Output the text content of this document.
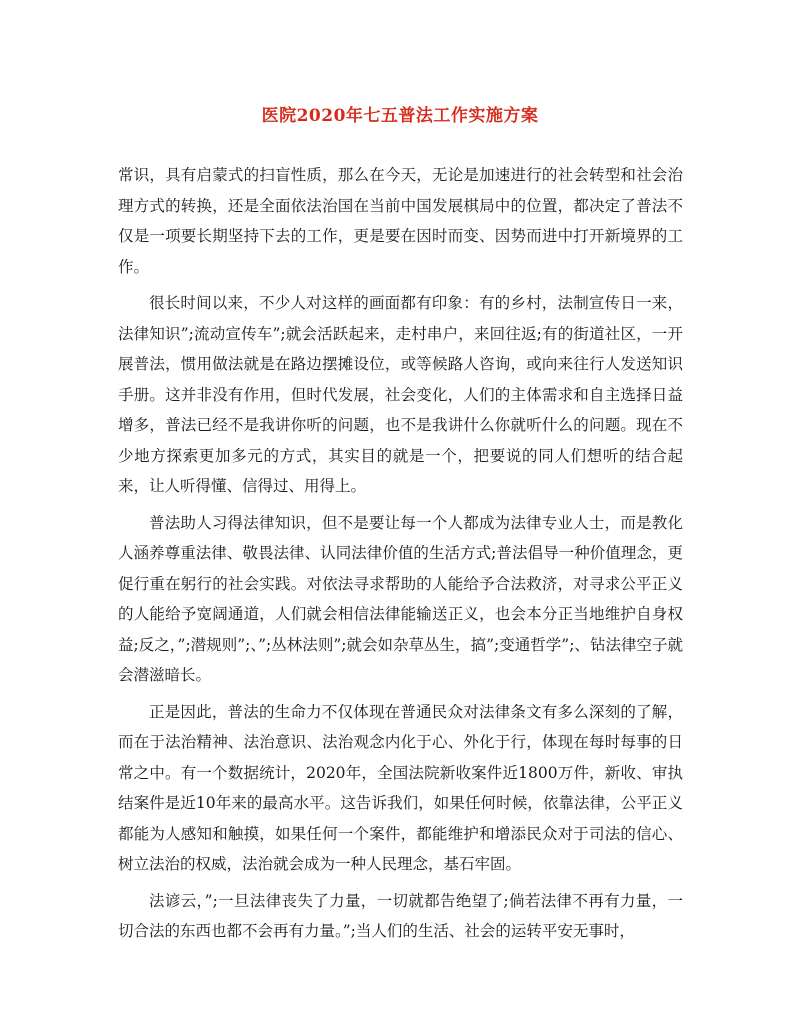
医院2020年七五普法工作实施方案

常识，具有启蒙式的扫盲性质，那么在今天，无论是加速进行的社会转型和社会治理方式的转换，还是全面依法治国在当前中国发展棋局中的位置，都决定了普法不仅是一项要长期坚持下去的工作，更是要在因时而变、因势而进中打开新境界的工作。

很长时间以来，不少人对这样的画面都有印象：有的乡村，法制宣传日一来，法律知识”;流动宣传车”;就会活跃起来，走村串户，来回往返;有的街道社区，一开展普法，惯用做法就是在路边摆摊设位，或等候路人咨询，或向来往行人发送知识手册。这并非没有作用，但时代发展，社会变化，人们的主体需求和自主选择日益增多，普法已经不是我讲你听的问题，也不是我讲什么你就听什么的问题。现在不少地方探索更加多元的方式，其实目的就是一个，把要说的同人们想听的结合起来，让人听得懂、信得过、用得上。

普法助人习得法律知识，但不是要让每一个人都成为法律专业人士，而是教化人涵养尊重法律、敬畏法律、认同法律价值的生活方式;普法倡导一种价值理念，更促行重在躬行的社会实践。对依法寻求帮助的人能给予合法救济，对寻求公平正义的人能给予宽阔通道，人们就会相信法律能输送正义，也会本分正当地维护自身权益;反之，”;潜规则”;、”;丛林法则”;就会如杂草丛生，搞”;变通哲学”;、钻法律空子就会潜滋暗长。

正是因此，普法的生命力不仅体现在普通民众对法律条文有多么深刻的了解，而在于法治精神、法治意识、法治观念内化于心、外化于行，体现在每时每事的日常之中。有一个数据统计，2020年，全国法院新收案件近1800万件，新收、审执结案件是近10年来的最高水平。这告诉我们，如果任何时候，依靠法律，公平正义都能为人感知和触摸，如果任何一个案件，都能维护和增添民众对于司法的信心、树立法治的权威，法治就会成为一种人民理念，基石牢固。

法谚云，”;一旦法律丧失了力量，一切就都告绝望了;倘若法律不再有力量，一切合法的东西也都不会再有力量。”;当人们的生活、社会的运转平安无事时，
